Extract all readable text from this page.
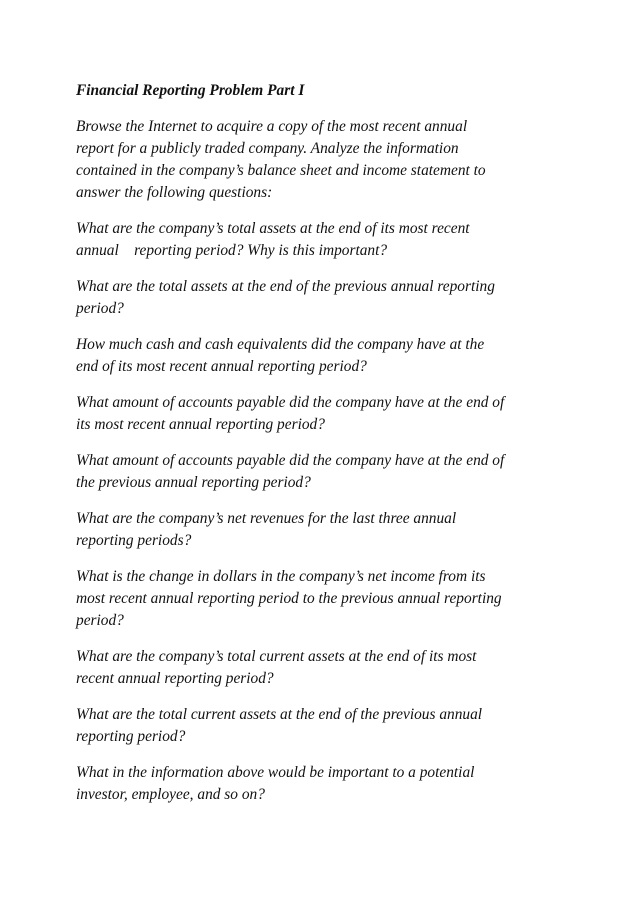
Financial Reporting Problem Part I
Browse the Internet to acquire a copy of the most recent annual
report for a publicly traded company. Analyze the information
contained in the company’s balance sheet and income statement to
answer the following questions:
What are the company’s total assets at the end of its most recent
annual    reporting period? Why is this important?
What are the total assets at the end of the previous annual reporting
period?
How much cash and cash equivalents did the company have at the
end of its most recent annual reporting period?
What amount of accounts payable did the company have at the end of
its most recent annual reporting period?
What amount of accounts payable did the company have at the end of
the previous annual reporting period?
What are the company’s net revenues for the last three annual
reporting periods?
What is the change in dollars in the company’s net income from its
most recent annual reporting period to the previous annual reporting
period?
What are the company’s total current assets at the end of its most
recent annual reporting period?
What are the total current assets at the end of the previous annual
reporting period?
What in the information above would be important to a potential
investor, employee, and so on?
